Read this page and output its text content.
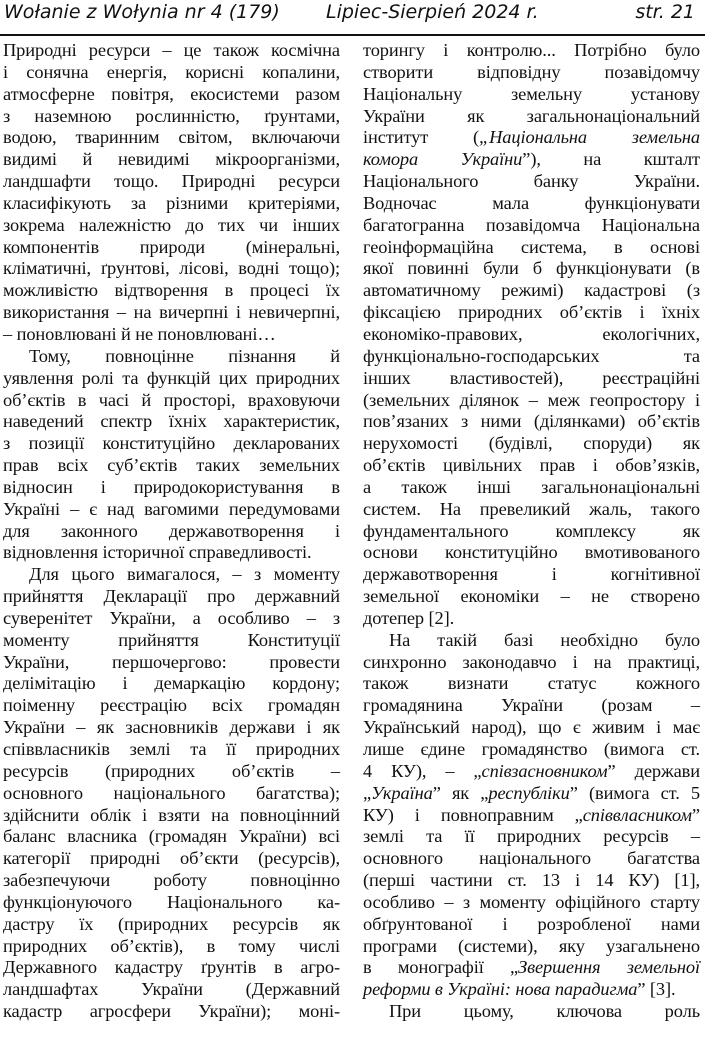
Wołanie z Wołynia nr 4 (179) Lipiec-Sierpień 2024 r.	str. 21
Природні ресурси – це також космічна
і сонячна енергія, корисні копалини,
атмосферне повітря, екосистеми разом
з наземною рослинністю, ґрунтами,
водою, тваринним світом, включаючи
видимі й невидимі мікроорганізми,
ландшафти тощо. Природні ресурси
класифікують за різними критеріями,
зокрема належністю до тих чи інших
компонентів природи (мінеральні,
кліматичні, ґрунтові, лісові, водні тощо);
можливістю відтворення в процесі їх
використання – на вичерпні і невичерпні,
– поновлювані й не поновлювані…
Тому, повноцінне пізнання й
уявлення ролі та функцій цих природних
об’єктів в часі й просторі, враховуючи
наведений спектр їхніх характеристик,
з позиції конституційно декларованих
прав всіх суб’єктів таких земельних
відносин і природокористування в
Україні – є над вагомими передумовами
для законного державотворення і
відновлення історичної справедливості.
Для цього вимагалося, – з моменту
прийняття Декларації про державний
суверенітет України, а особливо – з
моменту прийняття Конституції
України, першочергово: провести
делімітацію і демаркацію кордону;
поіменну реєстрацію всіх громадян
України – як засновників держави і як
співвласників землі та її природних
ресурсів (природних об’єктів –
основного національного багатства);
здійснити облік і взяти на повноцінний
баланс власника (громадян України) всі
категорії природні об’єкти (ресурсів),
забезпечуючи роботу повноцінно
функціонуючого Національного ка-
дастру їх (природних ресурсів як
природних об’єктів), в тому числі
Державного кадастру ґрунтів в агро-
ландшафтах України (Державний
кадастр агросфери України); моні-
торингу і контролю... Потрібно було
створити відповідну позавідомчу
Національну земельну установу
України як загальнонаціональний
інститут („Національна земельна
комора України”), на кшталт
Національного банку України.
Водночас мала функціонувати
багатогранна позавідомча Національна
геоінформаційна система, в основі
якої повинні були б функціонувати (в
автоматичному режимі) кадастрові (з
фіксацією природних об’єктів і їхніх
економіко-правових, екологічних,
функціонально-господарських та
інших властивостей), реєстраційні
(земельних ділянок – меж геопростору і
пов’язаних з ними (ділянками) об’єктів
нерухомості (будівлі, споруди) як
об’єктів цивільних прав і обов’язків,
а також інші загальнонаціональні
систем. На превеликий жаль, такого
фундаментального комплексу як
основи конституційно вмотивованого
державотворення і когнітивної
земельної економіки – не створено
дотепер [2].
На такій базі необхідно було
синхронно законодавчо і на практиці,
також визнати статус кожного
громадянина України (розам –
Український народ), що є живим і має
лише єдине громадянство (вимога ст.
4 КУ), – „співзасновником” держави
„Україна” як „республіки” (вимога ст. 5
КУ) і повноправним „співвласником”
землі та її природних ресурсів –
основного національного багатства
(перші частини ст. 13 і 14 КУ) [1],
особливо – з моменту офіційного старту
обґрунтованої і розробленої нами
програми (системи), яку узагальнено
в монографії „Звершення земельної
реформи в Україні: нова парадигма” [3].
При цьому, ключова роль
